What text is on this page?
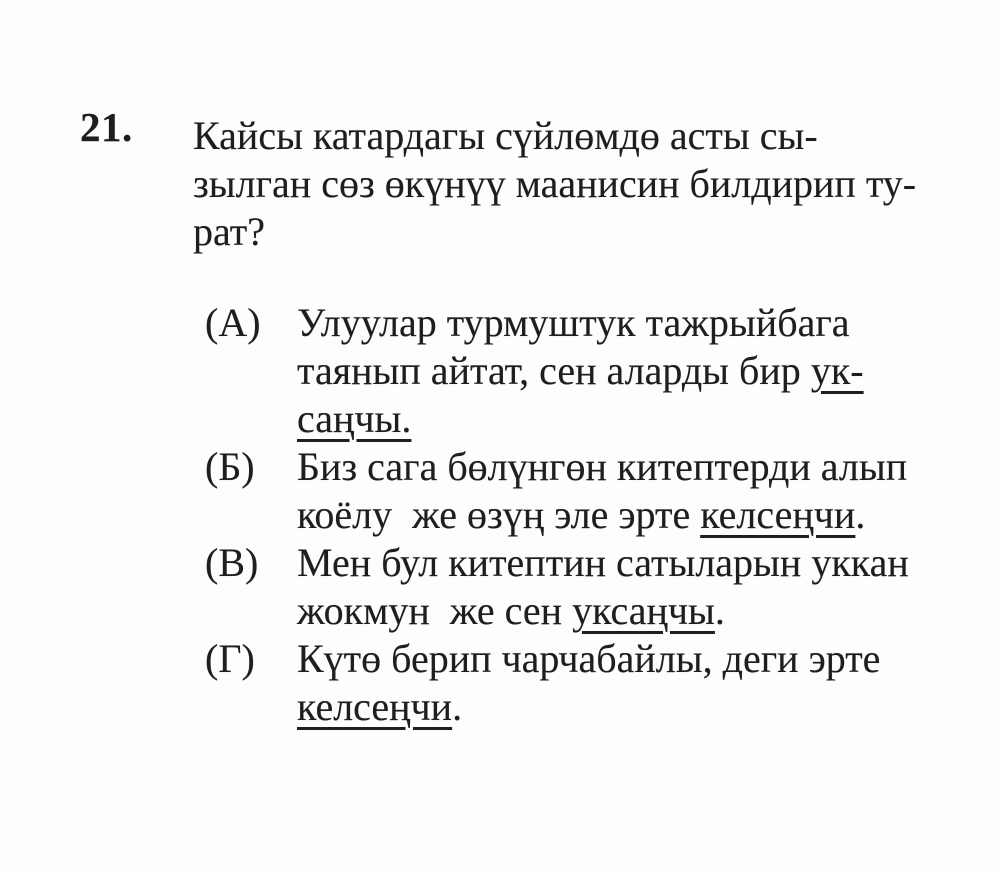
21.	Кайсы катардагы сүйлөмдө асты сы-
зылган сөз өкүнүү маанисин билдирип ту-
рат?
(А) Улуулар турмуштук тажрыйбага
таянып айтат, сен аларды бир ук-
саңчы.
(Б)	Биз сага бөлүнгөн китептерди алып
коёлу  же өзүң эле эрте келсеңчи.
(В) Мен бул китептин сатыларын уккан
жокмун  же сен уксаңчы.
(Г)	Күтө берип чарчабайлы, деги эрте
келсеңчи.
